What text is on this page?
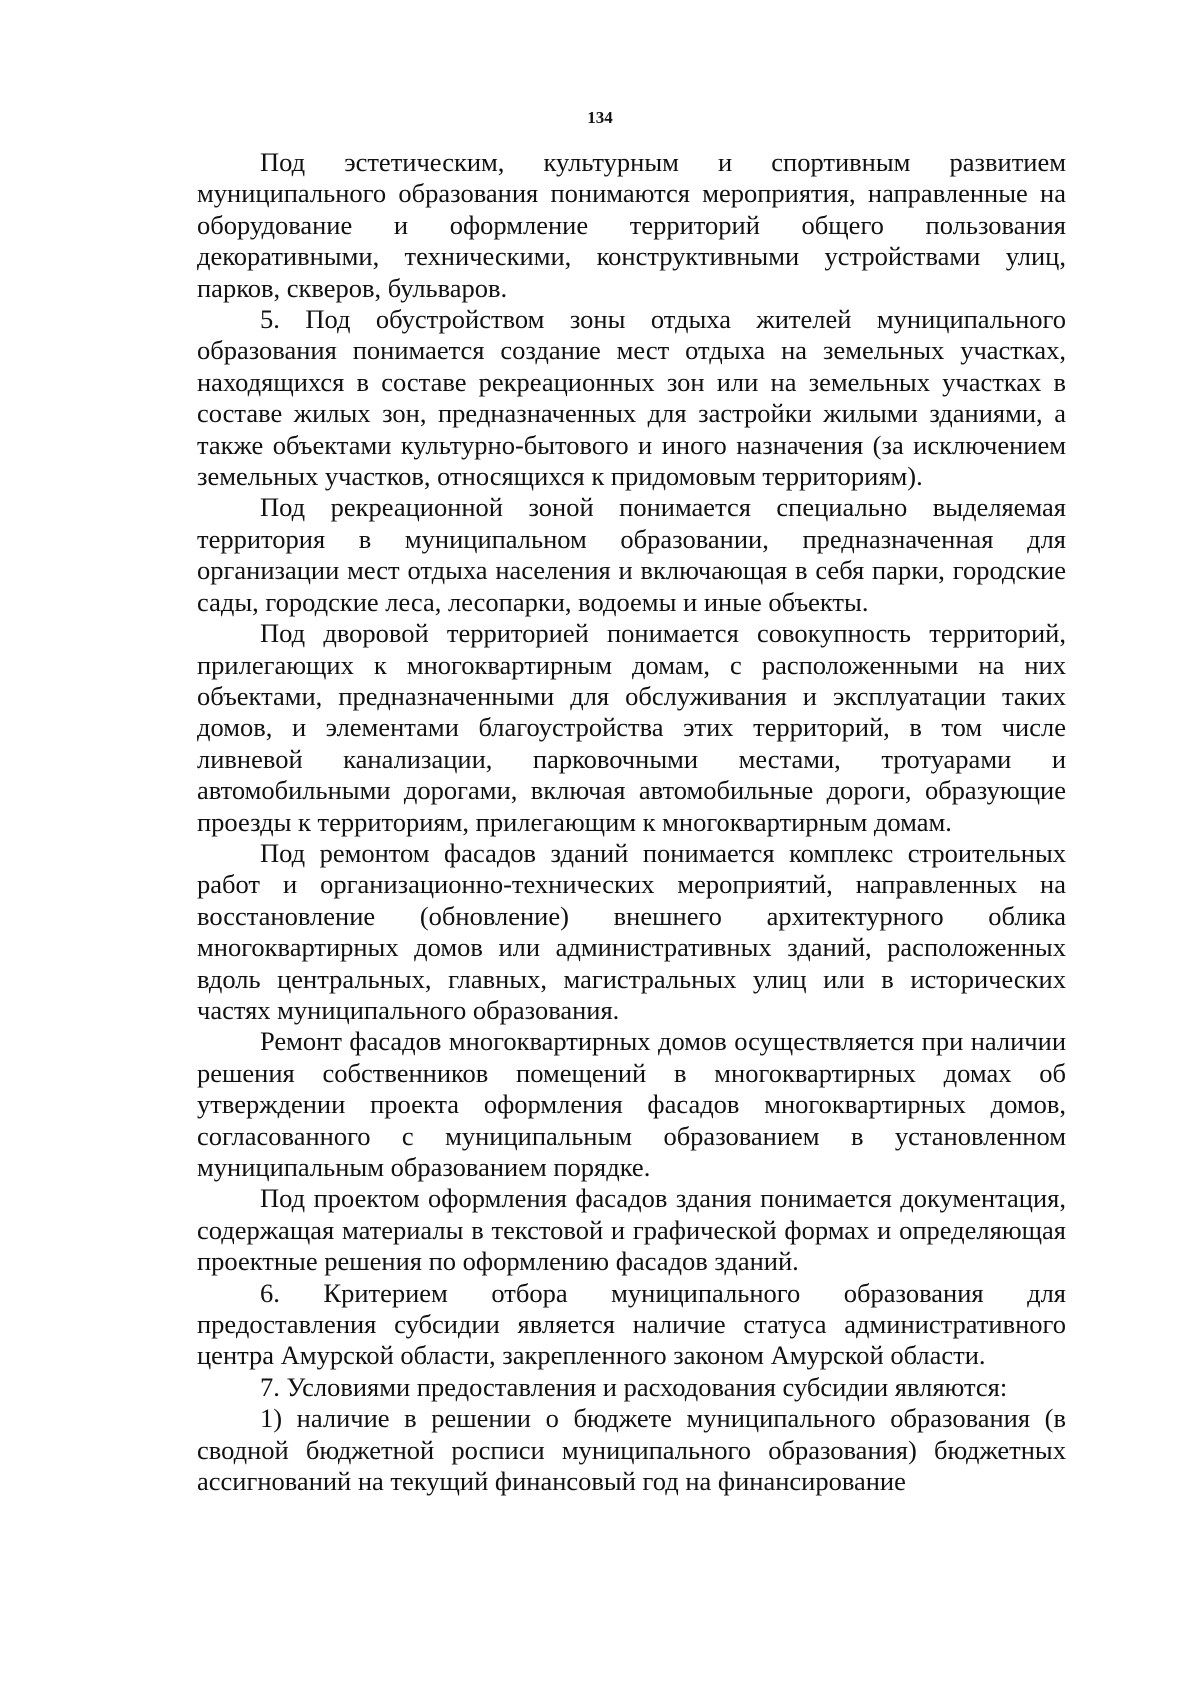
134

Под эстетическим, культурным и спортивным развитием муниципального образования понимаются мероприятия, направленные на оборудование и оформление территорий общего пользования декоративными, техническими, конструктивными устройствами улиц, парков, скверов, бульваров.

5. Под обустройством зоны отдыха жителей муниципального образования понимается создание мест отдыха на земельных участках, находящихся в составе рекреационных зон или на земельных участках в составе жилых зон, предназначенных для застройки жилыми зданиями, а также объектами культурно-бытового и иного назначения (за исключением земельных участков, относящихся к придомовым территориям).

Под рекреационной зоной понимается специально выделяемая территория в муниципальном образовании, предназначенная для организации мест отдыха населения и включающая в себя парки, городские сады, городские леса, лесопарки, водоемы и иные объекты.

Под дворовой территорией понимается совокупность территорий, прилегающих к многоквартирным домам, с расположенными на них объектами, предназначенными для обслуживания и эксплуатации таких домов, и элементами благоустройства этих территорий, в том числе ливневой канализации, парковочными местами, тротуарами и автомобильными дорогами, включая автомобильные дороги, образующие проезды к территориям, прилегающим к многоквартирным домам.

Под ремонтом фасадов зданий понимается комплекс строительных работ и организационно-технических мероприятий, направленных на восстановление (обновление) внешнего архитектурного облика многоквартирных домов или административных зданий, расположенных вдоль центральных, главных, магистральных улиц или в исторических частях муниципального образования.

Ремонт фасадов многоквартирных домов осуществляется при наличии решения собственников помещений в многоквартирных домах об утверждении проекта оформления фасадов многоквартирных домов, согласованного с муниципальным образованием в установленном муниципальным образованием порядке.

Под проектом оформления фасадов здания понимается документация, содержащая материалы в текстовой и графической формах и определяющая проектные решения по оформлению фасадов зданий.

6. Критерием отбора муниципального образования для предоставления субсидии является наличие статуса административного центра Амурской области, закрепленного законом Амурской области.

7. Условиями предоставления и расходования субсидии являются:

1) наличие в решении о бюджете муниципального образования (в сводной бюджетной росписи муниципального образования) бюджетных ассигнований на текущий финансовый год на финансирование
